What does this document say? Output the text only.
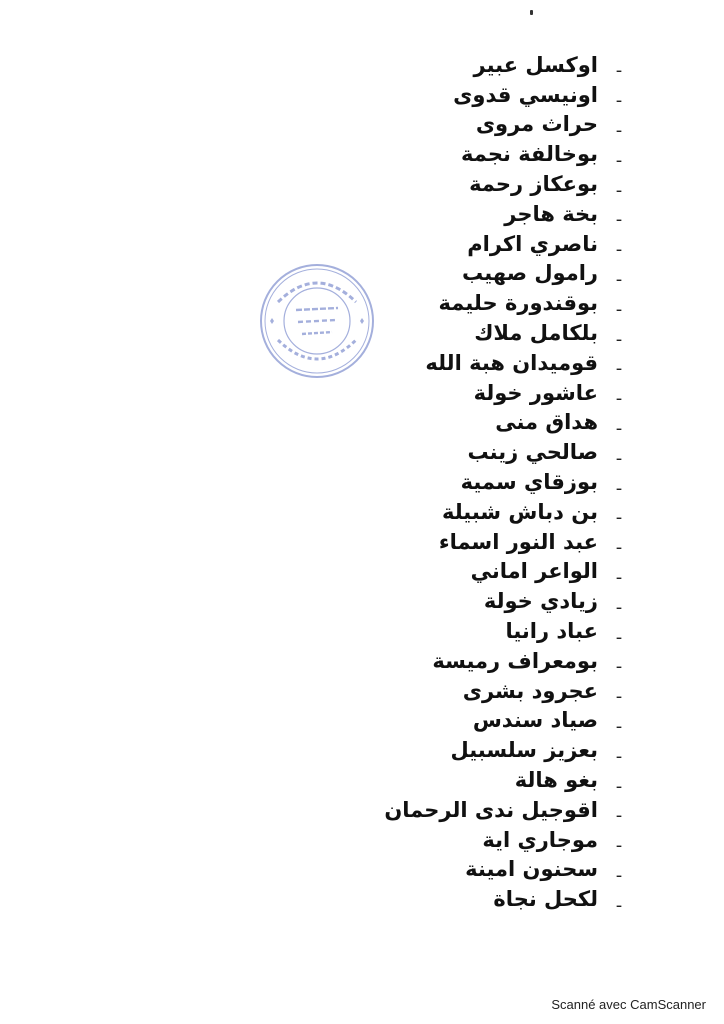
-
اوكسل عبير
-
اونيسي قدوى
-
حراث مروى
-
بوخالفة نجمة
-
بوعكاز رحمة
-
بخة هاجر
-
ناصري اكرام
-
رامول صهيب
-
بوقندورة حليمة
-
بلكامل ملاك
-
قوميدان هبة الله
-
عاشور خولة
-
هداق منى
-
صالحي زينب
-
بوزقاي سمية
-
بن دباش شبيلة
-
عبد النور اسماء
-
الواعر اماني
-
زيادي خولة
-
عباد رانيا
-
بومعراف رميسة
-
عجرود بشرى
-
صياد سندس
-
بعزيز سلسبيل
-
بغو هالة
-
اقوجيل ندى الرحمان
-
موجاري اية
-
سحنون امينة
-
لكحل نجاة
Scanné avec CamScanner
